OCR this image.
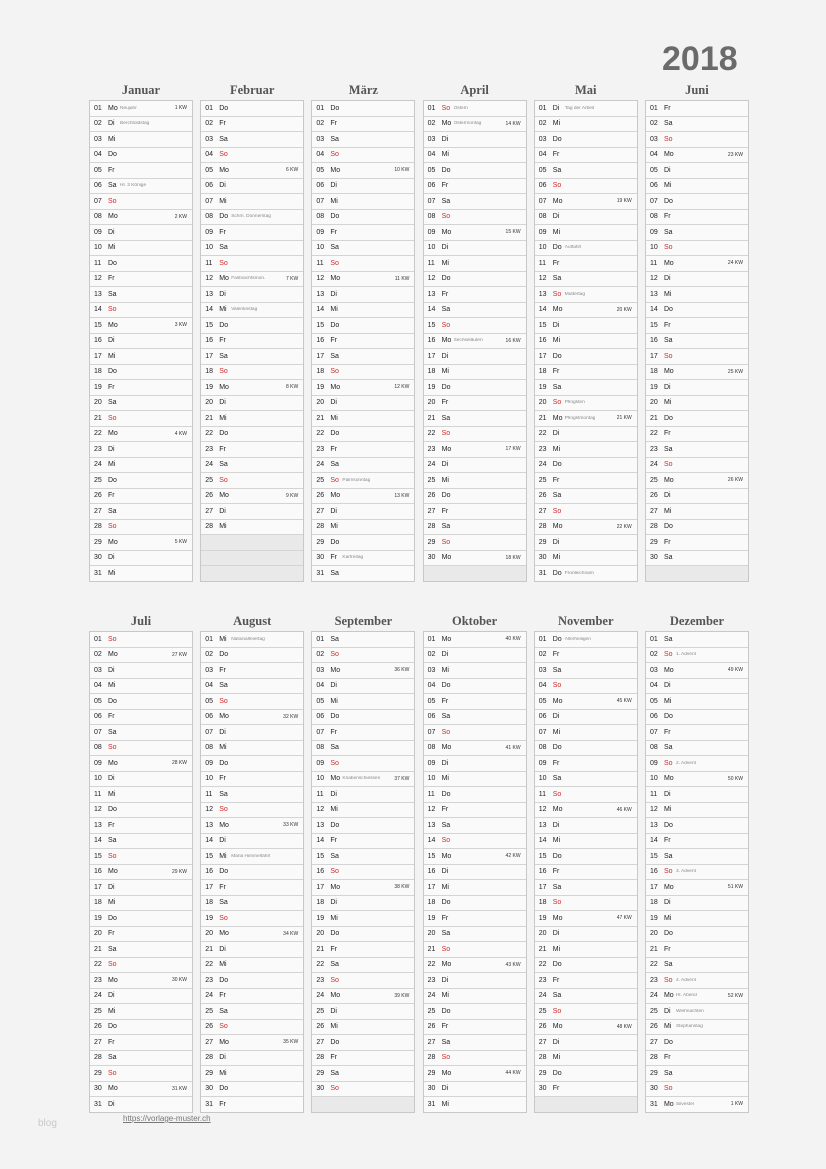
2018
Januar
01 Mo Neujahr	1 KW
02 Di	Berchtoldstag
03 Mi
04 Do
05 Fr
06 Sa Hl. 3 Könige
07 So
08 Mo	2 KW
09 Di
10 Mi
11 Do
12 Fr
13 Sa
14 So
15 Mo	3 KW
16 Di
17 Mi
18 Do
19 Fr
20 Sa
21 So
22 Mo	4 KW
23 Di
24 Mi
25 Do
26 Fr
27 Sa
28 So
29 Mo	5 KW
30 Di
31 Mi
Februar
01 Do
02 Fr
03 Sa
04 So
05 Mo	6 KW
06 Di
07 Mi
08 Do Schm. Donnerstag
09 Fr
10 Sa
11 So
12 Mo Fastnachtsmon.	7 KW
13 Di
14 Mi Valentinstag
15 Do
16 Fr
17 Sa
18 So
19 Mo	8 KW
20 Di
21 Mi
22 Do
23 Fr
24 Sa
25 So
26 Mo	9 KW
27 Di
28 Mi
März
01 Do
02 Fr
03 Sa
04 So
05 Mo	10 KW
06 Di
07 Mi
08 Do
09 Fr
10 Sa
11 So
12 Mo	11 KW
13 Di
14 Mi
15 Do
16 Fr
17 Sa
18 So
19 Mo	12 KW
20 Di
21 Mi
22 Do
23 Fr
24 Sa
25 So Palmsonntag
26 Mo	13 KW
27 Di
28 Mi
29 Do
30 Fr	Karfreitag
31 Sa
April
01 So Ostern
02 Mo Ostermontag	14 KW
03 Di
04 Mi
05 Do
06 Fr
07 Sa
08 So
09 Mo	15 KW
10 Di
11 Mi
12 Do
13 Fr
14 Sa
15 So
16 Mo Sechseläuten	16 KW
17 Di
18 Mi
19 Do
20 Fr
21 Sa
22 So
23 Mo	17 KW
24 Di
25 Mi
26 Do
27 Fr
28 Sa
29 So
30 Mo	18 KW
Mai
01 Di	Tag der Arbeit
02 Mi
03 Do
04 Fr
05 Sa
06 So
07 Mo	19 KW
08 Di
09 Mi
10 Do Auffahrt
11 Fr
12 Sa
13 So Muttertag
14 Mo	20 KW
15 Di
16 Mi
17 Do
18 Fr
19 Sa
20 So Pfingsten
21 Mo Pfingstmontag	21 KW
22 Di
23 Mi
24 Do
25 Fr
26 Sa
27 So
28 Mo	22 KW
29 Di
30 Mi
31 Do Fronleichnam
Juni
01 Fr
02 Sa
03 So
04 Mo	23 KW
05 Di
06 Mi
07 Do
08 Fr
09 Sa
10 So
11 Mo	24 KW
12 Di
13 Mi
14 Do
15 Fr
16 Sa
17 So
18 Mo	25 KW
19 Di
20 Mi
21 Do
22 Fr
23 Sa
24 So
25 Mo	26 KW
26 Di
27 Mi
28 Do
29 Fr
30 Sa
Juli
01 So
02 Mo	27 KW
03 Di
04 Mi
05 Do
06 Fr
07 Sa
08 So
09 Mo	28 KW
10 Di
11 Mi
12 Do
13 Fr
14 Sa
15 So
16 Mo	29 KW
17 Di
18 Mi
19 Do
20 Fr
21 Sa
22 So
23 Mo	30 KW
24 Di
25 Mi
26 Do
27 Fr
28 Sa
29 So
30 Mo	31 KW
31 Di
August
01 Mi Nationalfeiertag
02 Do
03 Fr
04 Sa
05 So
06 Mo	32 KW
07 Di
08 Mi
09 Do
10 Fr
11 Sa
12 So
13 Mo	33 KW
14 Di
15 Mi Maria Himmelfahrt
16 Do
17 Fr
18 Sa
19 So
20 Mo	34 KW
21 Di
22 Mi
23 Do
24 Fr
25 Sa
26 So
27 Mo	35 KW
28 Di
29 Mi
30 Do
31 Fr
September
01 Sa
02 So
03 Mo	36 KW
04 Di
05 Mi
06 Do
07 Fr
08 Sa
09 So
10 Mo Knabenschiessen	37 KW
11 Di
12 Mi
13 Do
14 Fr
15 Sa
16 So
17 Mo	38 KW
18 Di
19 Mi
20 Do
21 Fr
22 Sa
23 So
24 Mo	39 KW
25 Di
26 Mi
27 Do
28 Fr
29 Sa
30 So
Oktober
01 Mo	40 KW
02 Di
03 Mi
04 Do
05 Fr
06 Sa
07 So
08 Mo	41 KW
09 Di
10 Mi
11 Do
12 Fr
13 Sa
14 So
15 Mo	42 KW
16 Di
17 Mi
18 Do
19 Fr
20 Sa
21 So
22 Mo	43 KW
23 Di
24 Mi
25 Do
26 Fr
27 Sa
28 So
29 Mo	44 KW
30 Di
31 Mi
November
01 Do Allerheiligen
02 Fr
03 Sa
04 So
05 Mo	45 KW
06 Di
07 Mi
08 Do
09 Fr
10 Sa
11 So
12 Mo	46 KW
13 Di
14 Mi
15 Do
16 Fr
17 Sa
18 So
19 Mo	47 KW
20 Di
21 Mi
22 Do
23 Fr
24 Sa
25 So
26 Mo	48 KW
27 Di
28 Mi
29 Do
30 Fr
Dezember
01 Sa
02 So 1. Advent
03 Mo	49 KW
04 Di
05 Mi
06 Do
07 Fr
08 Sa
09 So 2. Advent
10 Mo	50 KW
11 Di
12 Mi
13 Do
14 Fr
15 Sa
16 So 3. Advent
17 Mo	51 KW
18 Di
19 Mi
20 Do
21 Fr
22 Sa
23 So 4. Advent
24 Mo Hl. Abend	52 KW
25 Di	Weihnachten
26 Mi Stephanstag
27 Do
28 Fr
29 Sa
30 So
31 Mo Silvester	1 KW
blog	https://vorlage-muster.ch
